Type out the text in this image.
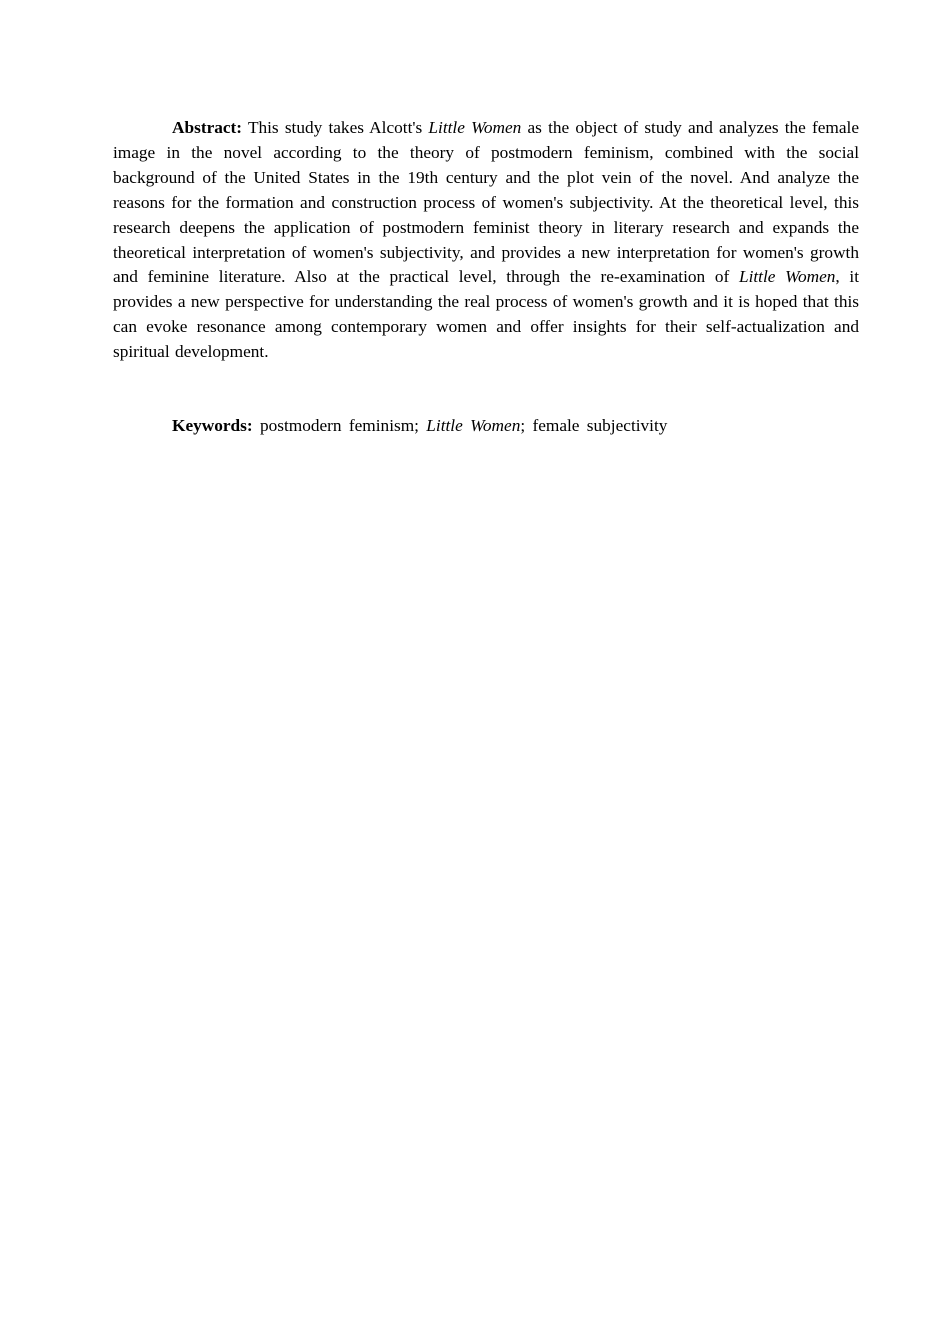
Abstract: This study takes Alcott's Little Women as the object of study and analyzes the female image in the novel according to the theory of postmodern feminism, combined with the social background of the United States in the 19th century and the plot vein of the novel. And analyze the reasons for the formation and construction process of women's subjectivity. At the theoretical level, this research deepens the application of postmodern feminist theory in literary research and expands the theoretical interpretation of women's subjectivity, and provides a new interpretation for women's growth and feminine literature. Also at the practical level, through the re-examination of Little Women, it provides a new perspective for understanding the real process of women's growth and it is hoped that this can evoke resonance among contemporary women and offer insights for their self-actualization and spiritual development.

Keywords: postmodern feminism; Little Women; female subjectivity
